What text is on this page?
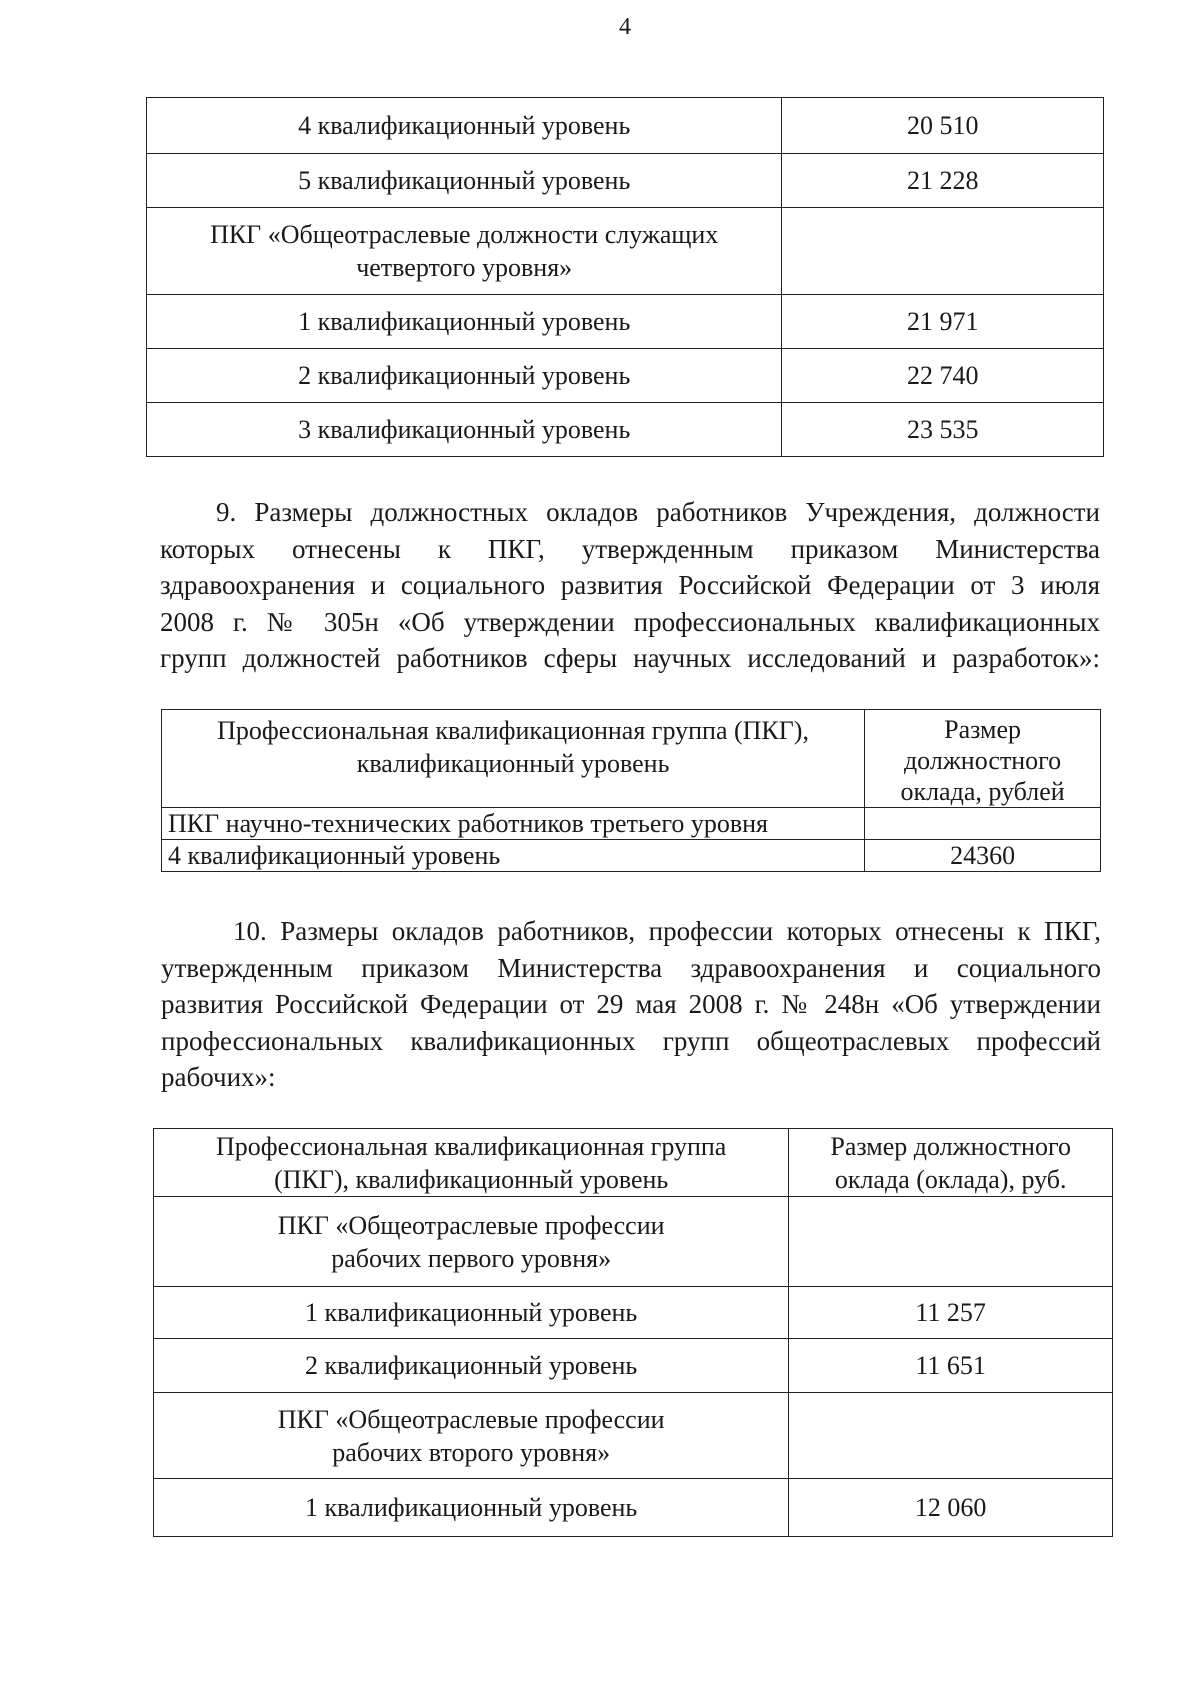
4
4 квалификационный уровень	20 510
5 квалификационный уровень	21 228
ПКГ «Общеотраслевые должности служащих четвертого уровня»	
1 квалификационный уровень	21 971
2 квалификационный уровень	22 740
3 квалификационный уровень	23 535
9. Размеры должностных окладов работников Учреждения, должности
которых отнесены к ПКГ, утвержденным приказом Министерства
здравоохранения и социального развития Российской Федерации от 3 июля
2008 г. № 305н «Об утверждении профессиональных квалификационных
групп должностей работников сферы научных исследований и разработок»:
Профессиональная квалификационная группа (ПКГ), квалификационный уровень	Размер должностного оклада, рублей
ПКГ научно-технических работников третьего уровня	
4 квалификационный уровень	24360
10. Размеры окладов работников, профессии которых отнесены к ПКГ,
утвержденным приказом Министерства здравоохранения и социального
развития Российской Федерации от 29 мая 2008 г. № 248н «Об утверждении
профессиональных квалификационных групп общеотраслевых профессий
рабочих»:
Профессиональная квалификационная группа (ПКГ), квалификационный уровень	Размер должностного оклада (оклада), руб.
ПКГ «Общеотраслевые профессии рабочих первого уровня»	
1 квалификационный уровень	11 257
2 квалификационный уровень	11 651
ПКГ «Общеотраслевые профессии рабочих второго уровня»	
1 квалификационный уровень	12 060
